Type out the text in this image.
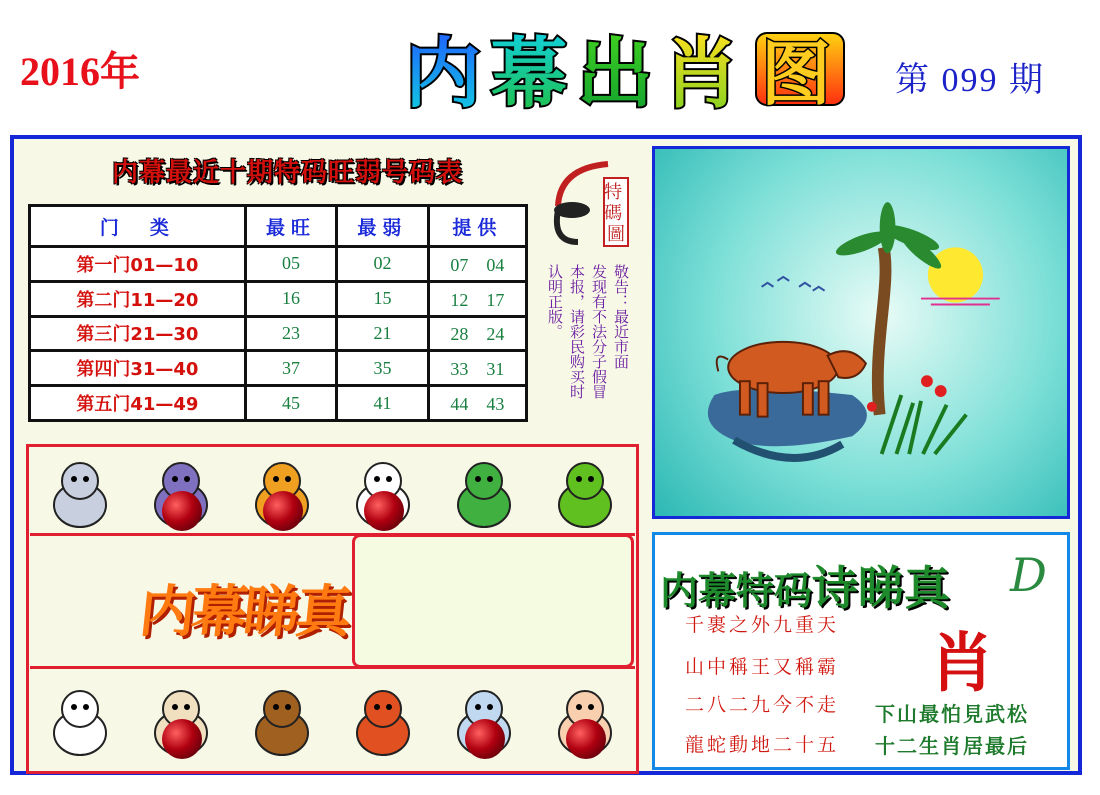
2016年	内 幕 出 肖 图 第 099 期
内幕最近十期特码旺弱号码表
门　类	最旺	最弱	提供
第一门01—10	05	02	07　04
第二门11—20	16	15	12　17
第三门21—30	23	21	28　24
第四门31—40	37	35	33　31
第五门41—49	45	41	44　43
特 碼 圖
敬告：最近市面
发现有不法分子假冒
本报，请彩民购买时
认明正版。
内幕睇真	内幕特码诗睇真 D
千裹之外九重天
山中稱王又稱霸
二八二九今不走
龍蛇動地二十五
肖
下山最怕見武松
十二生肖居最后
